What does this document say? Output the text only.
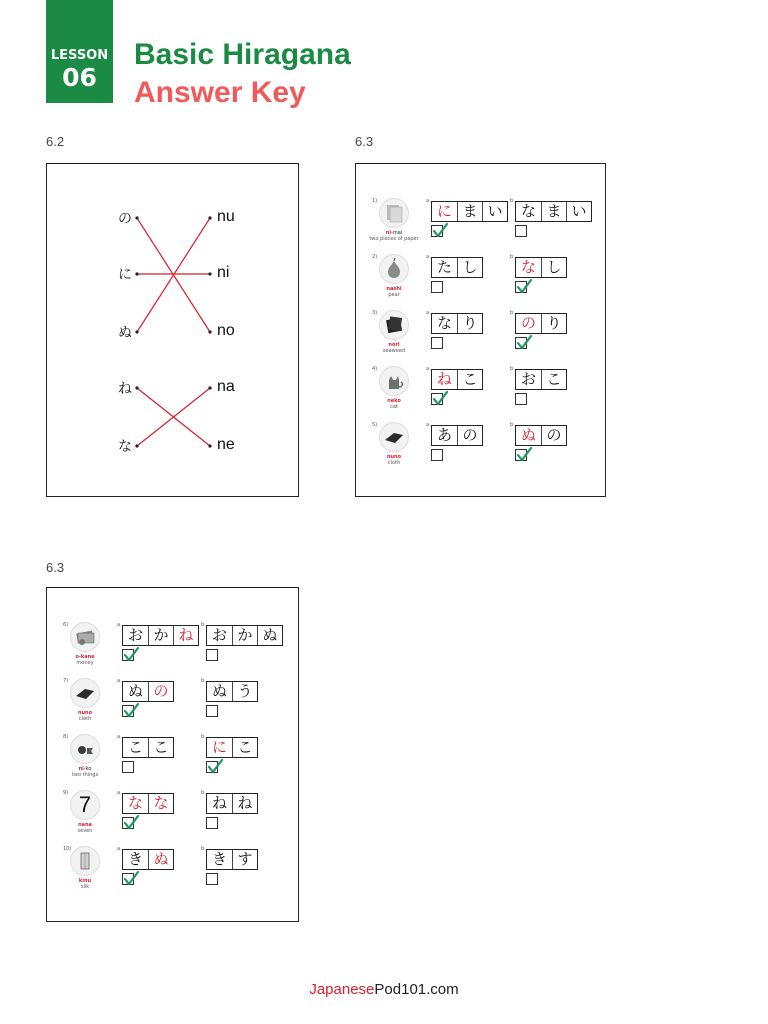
LESSON
06
Basic Hiragana
Answer Key
6.2	6.3
6.3
の	nu
に	ni
ぬ	no
ね	na
な	ne
1)
ni-mai
two pieces of paper
a.
に ま い
b.
な ま い
2)
nashi
pear
a.
た し
b.
な し
3)
nori
seaweed
a.
な り
b.
の り
4)
neko
cat
a.
ね こ
b.
お こ
5)
nuno
cloth
a.
あ の
b.
ぬ の
6)
o-kane
money
a.
お か ね
b.
お か ぬ
7)
nuno
cloth
a.
ぬ の
b.
ぬ う
8)
ni-ko
two things
a.
こ こ
b.
に こ
9) 7
nana
seven
a.
な な
b.
ね ね
10)
kinu
silk
a.
き ぬ
b.
き す
JapanesePod101.com
